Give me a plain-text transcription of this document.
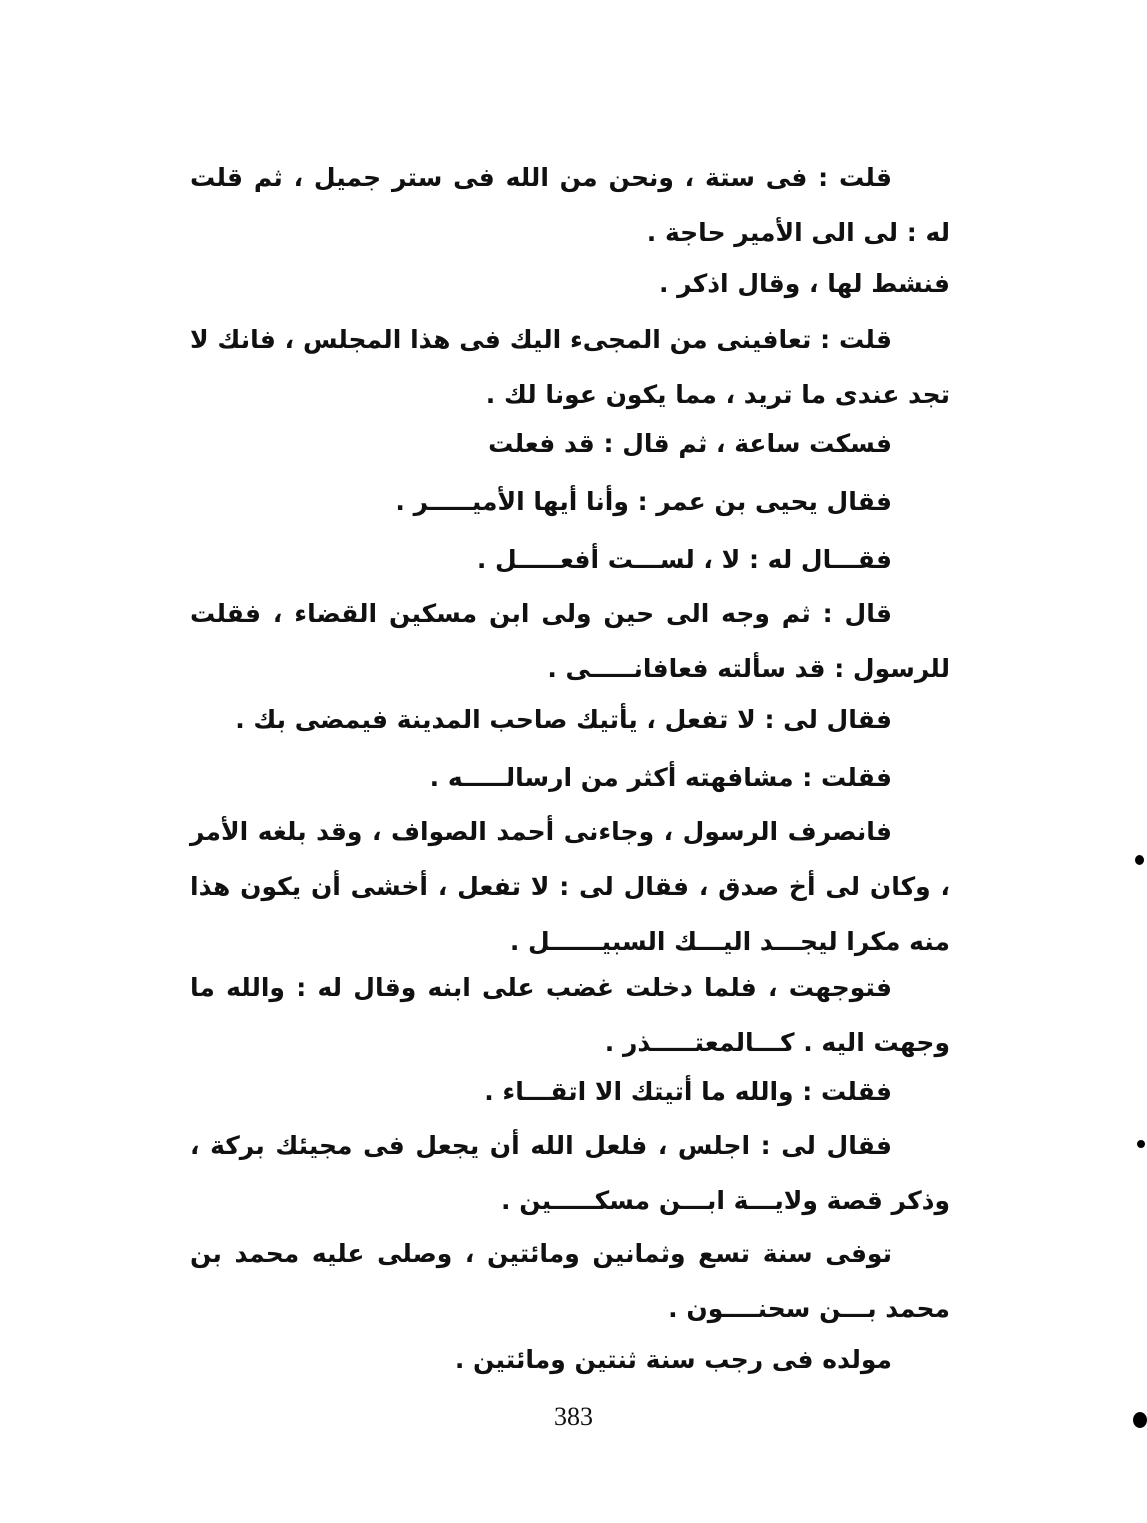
قلت : فى ستة ، ونحن من الله فى ستر جميل ، ثم قلت له : لى الى الأمير حاجة .

فنشط لها ، وقال اذكر .

قلت : تعافينى من المجىء اليك فى هذا المجلس ، فانك لا تجد عندى ما تريد ، مما يكون عونا لك .

فسكت ساعة ، ثم قال : قد فعلت

فقال يحيى بن عمر : وأنا أيها الأميـــــر .

فقـــال له : لا ، لســـت أفعـــــل .

قال : ثم وجه الى حين ولى ابن مسكين القضاء ، فقلت للرسول : قد سألته فعافانـــــى .

فقال لى : لا تفعل ، يأتيك صاحب المدينة فيمضى بك .

فقلت : مشافهته أكثر من ارسالـــــه .

فانصرف الرسول ، وجاءنى أحمد الصواف ، وقد بلغه الأمر ، وكان لى أخ صدق ، فقال لى : لا تفعل ، أخشى أن يكون هذا منه مكرا ليجـــد اليـــك السبيــــــل .

فتوجهت ، فلما دخلت غضب على ابنه وقال له : والله ما وجهت اليه . كـــالمعتـــــذر .

فقلت : والله ما أتيتك الا اتقـــاء .

فقال لى : اجلس ، فلعل الله أن يجعل فى مجيئك بركة ، وذكر قصة ولايـــة ابـــن مسكـــــين .

توفى سنة تسع وثمانين ومائتين ، وصلى عليه محمد بن محمد بـــن سحنــــون .

مولده فى رجب سنة ثنتين ومائتين .

383
